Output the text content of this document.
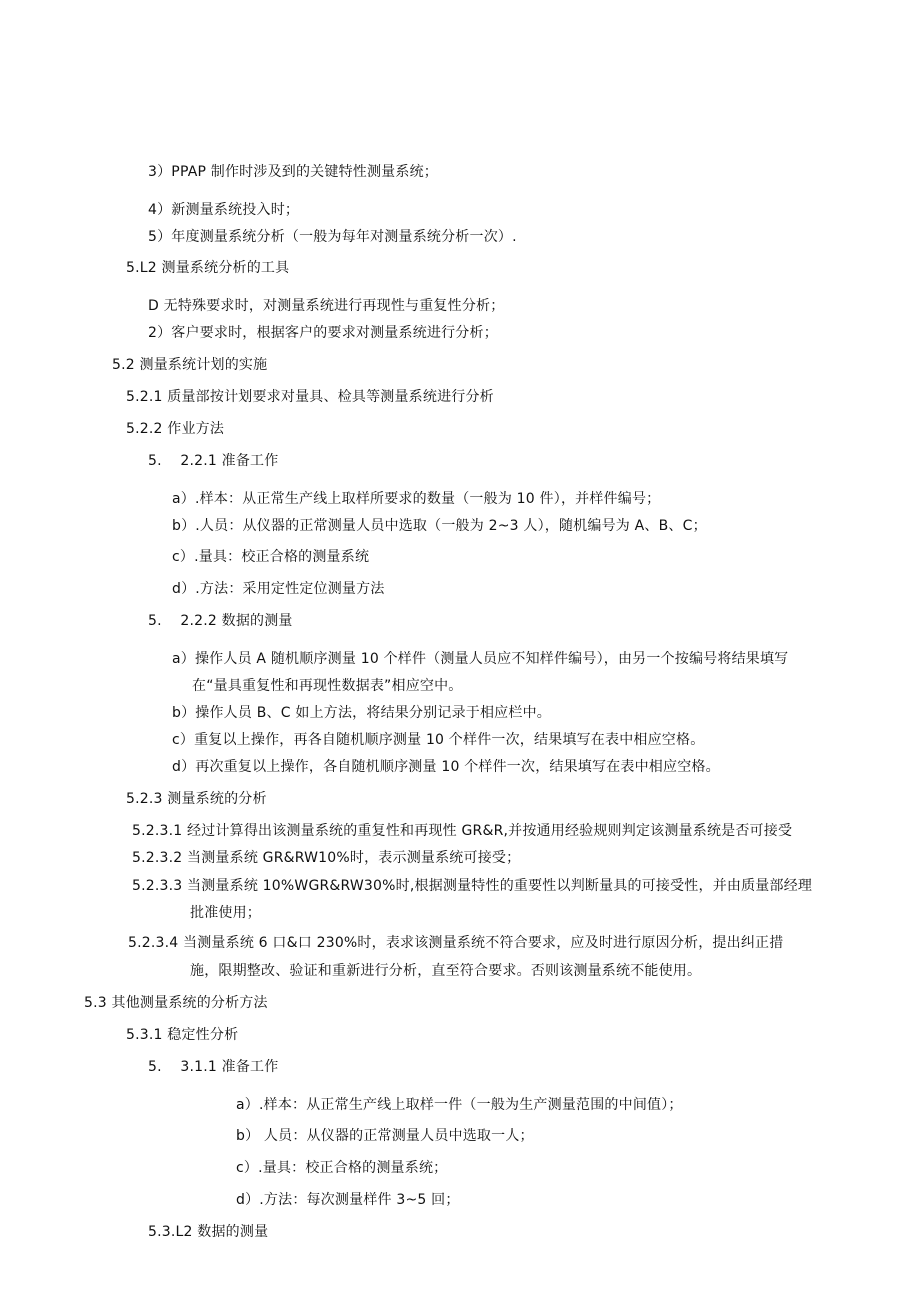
3）PPAP 制作时涉及到的关键特性测量系统；
4）新测量系统投入时；
5）年度测量系统分析（一般为每年对测量系统分析一次）.
5.L2 测量系统分析的工具
D 无特殊要求时，对测量系统进行再现性与重复性分析；
2）客户要求时，根据客户的要求对测量系统进行分析；
5.2 测量系统计划的实施
5.2.1 质量部按计划要求对量具、检具等测量系统进行分析
5.2.2 作业方法
5.    2.2.1 准备工作
a）.样本：从正常生产线上取样所要求的数量（一般为 10 件），并样件编号；
b）.人员：从仪器的正常测量人员中选取（一般为 2~3 人），随机编号为 A、B、C；
c）.量具：校正合格的测量系统
d）.方法：采用定性定位测量方法
5.    2.2.2 数据的测量
a）操作人员 A 随机顺序测量 10 个样件（测量人员应不知样件编号），由另一个按编号将结果填写
在“量具重复性和再现性数据表”相应空中。
b）操作人员 B、C 如上方法，将结果分别记录于相应栏中。
c）重复以上操作，再各自随机顺序测量 10 个样件一次，结果填写在表中相应空格。
d）再次重复以上操作，各自随机顺序测量 10 个样件一次，结果填写在表中相应空格。
5.2.3 测量系统的分析
5.2.3.1 经过计算得出该测量系统的重复性和再现性 GR&R,并按通用经验规则判定该测量系统是否可接受
5.2.3.2 当测量系统 GR&RW10%时，表示测量系统可接受；
5.2.3.3 当测量系统 10%WGR&RW30%时,根据测量特性的重要性以判断量具的可接受性，并由质量部经理
批准使用；
5.2.3.4 当测量系统 6 口&口 230%时，表求该测量系统不符合要求，应及时进行原因分析，提出纠正措
施，限期整改、验证和重新进行分析，直至符合要求。否则该测量系统不能使用。
5.3 其他测量系统的分析方法
5.3.1 稳定性分析
5.    3.1.1 准备工作
a）.样本：从正常生产线上取样一件（一般为生产测量范围的中间值）；
b） 人员：从仪器的正常测量人员中选取一人；
c）.量具：校正合格的测量系统；
d）.方法：每次测量样件 3~5 回；
5.3.L2 数据的测量
